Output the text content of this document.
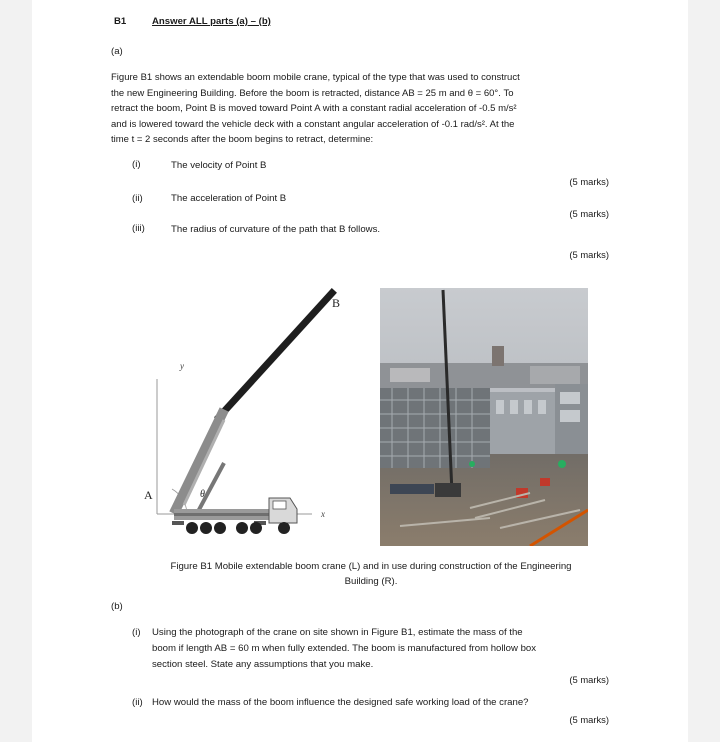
B1	Answer ALL parts (a) – (b)
(a)
Figure B1 shows an extendable boom mobile crane, typical of the type that was used to construct
the new Engineering Building. Before the boom is retracted, distance AB = 25 m and θ = 60°. To
retract the boom, Point B is moved toward Point A with a constant radial acceleration of -0.5 m/s²
and is lowered toward the vehicle deck with a constant angular acceleration of -0.1 rad/s². At the
time t = 2 seconds after the boom begins to retract, determine:
(i)	The velocity of Point B
(5 marks)
(ii)	The acceleration of Point B
(5 marks)
(iii)	The radius of curvature of the path that B follows.
(5 marks)
B
A
y
x
θ
Figure B1 Mobile extendable boom crane (L) and in use during construction of the Engineering
Building (R).
(b)
(i) Using the photograph of the crane on site shown in Figure B1, estimate the mass of the
boom if length AB = 60 m when fully extended. The boom is manufactured from hollow box
section steel. State any assumptions that you make.
(5 marks)
(ii) How would the mass of the boom influence the designed safe working load of the crane?
(5 marks)
